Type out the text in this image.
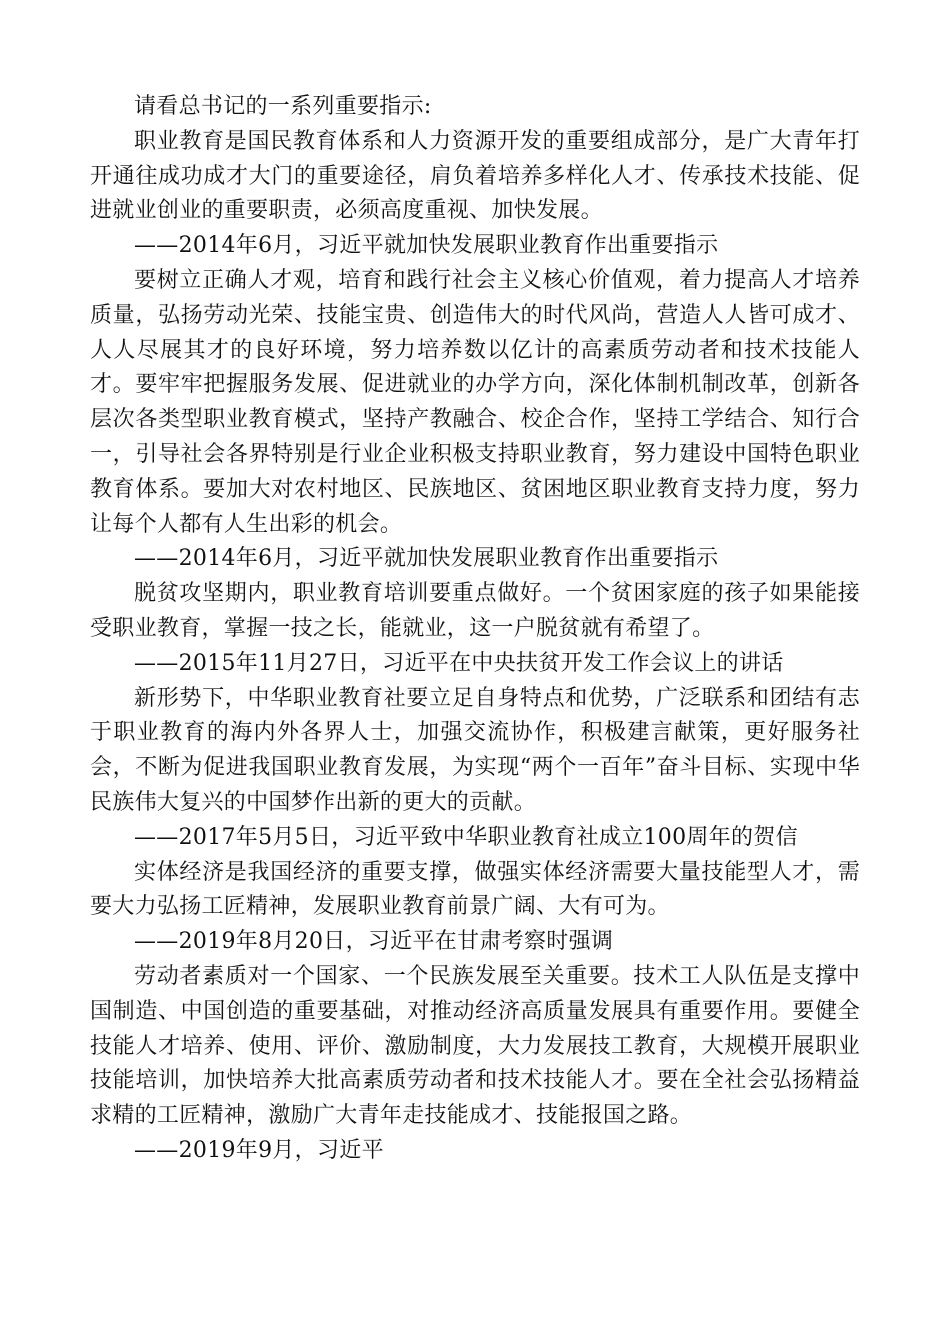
请看总书记的一系列重要指示:

职业教育是国民教育体系和人力资源开发的重要组成部分，是广大青年打开通往成功成才大门的重要途径，肩负着培养多样化人才、传承技术技能、促进就业创业的重要职责，必须高度重视、加快发展。

——2014年6月，习近平就加快发展职业教育作出重要指示

要树立正确人才观，培育和践行社会主义核心价值观，着力提高人才培养质量，弘扬劳动光荣、技能宝贵、创造伟大的时代风尚，营造人人皆可成才、人人尽展其才的良好环境，努力培养数以亿计的高素质劳动者和技术技能人才。要牢牢把握服务发展、促进就业的办学方向，深化体制机制改革，创新各层次各类型职业教育模式，坚持产教融合、校企合作，坚持工学结合、知行合一，引导社会各界特别是行业企业积极支持职业教育，努力建设中国特色职业教育体系。要加大对农村地区、民族地区、贫困地区职业教育支持力度，努力让每个人都有人生出彩的机会。

——2014年6月，习近平就加快发展职业教育作出重要指示

脱贫攻坚期内，职业教育培训要重点做好。一个贫困家庭的孩子如果能接受职业教育，掌握一技之长，能就业，这一户脱贫就有希望了。

——2015年11月27日，习近平在中央扶贫开发工作会议上的讲话

新形势下，中华职业教育社要立足自身特点和优势，广泛联系和团结有志于职业教育的海内外各界人士，加强交流协作，积极建言献策，更好服务社会，不断为促进我国职业教育发展，为实现“两个一百年”奋斗目标、实现中华民族伟大复兴的中国梦作出新的更大的贡献。

——2017年5月5日，习近平致中华职业教育社成立100周年的贺信

实体经济是我国经济的重要支撑，做强实体经济需要大量技能型人才，需要大力弘扬工匠精神，发展职业教育前景广阔、大有可为。

——2019年8月20日，习近平在甘肃考察时强调

劳动者素质对一个国家、一个民族发展至关重要。技术工人队伍是支撑中国制造、中国创造的重要基础，对推动经济高质量发展具有重要作用。要健全技能人才培养、使用、评价、激励制度，大力发展技工教育，大规模开展职业技能培训，加快培养大批高素质劳动者和技术技能人才。要在全社会弘扬精益求精的工匠精神，激励广大青年走技能成才、技能报国之路。

——2019年9月，习近平
